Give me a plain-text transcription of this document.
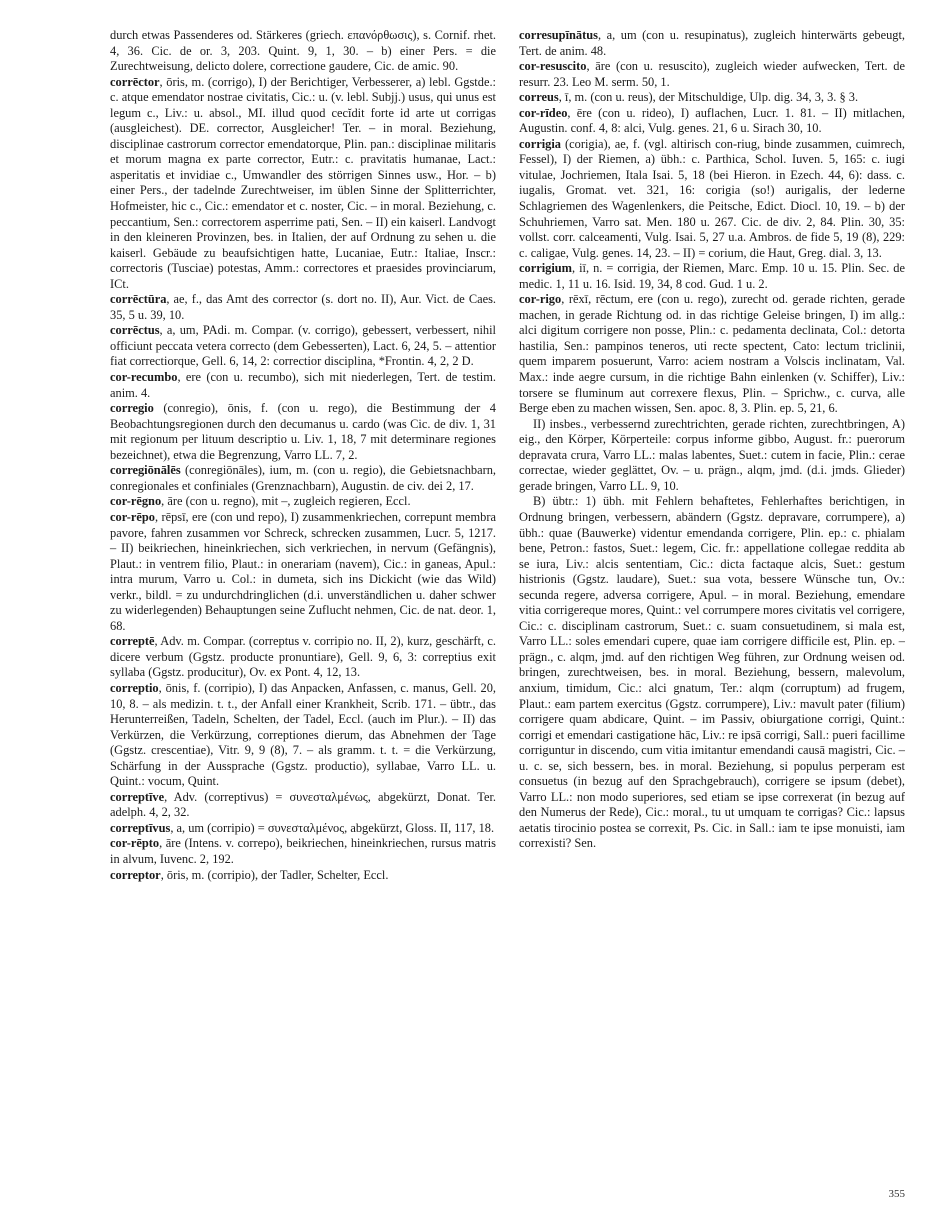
durch etwas Passenderes od. Stärkeres (griech. επανόρθωσις), s. Cornif. rhet. 4, 36. Cic. de or. 3, 203. Quint. 9, 1, 30. – b) einer Pers. = die Zurechtweisung, delicto dolere, correctione gaudere, Cic. de amic. 90.

corrēctor, ōris, m. (corrigo), I) der Berichtiger, Verbesserer, a) lebl. Ggstde.: c. atque emendator nostrae civitatis, Cic.: u. (v. lebl. Subjj.) usus, qui unus est legum c., Liv.: u. absol., MI. illud quod cecĭdit forte id arte ut corrigas (ausgleichest). DE. corrector, Ausgleicher! Ter. – in moral. Beziehung, disciplinae castrorum corrector emendatorque, Plin. pan.: disciplinae militaris et morum magna ex parte corrector, Eutr.: c. pravitatis humanae, Lact.: asperitatis et invidiae c., Umwandler des störrigen Sinnes usw., Hor. – b) einer Pers., der tadelnde Zurechtweiser, im üblen Sinne der Splitterrichter, Hofmeister, hic c., Cic.: emendator et c. noster, Cic. – in moral. Beziehung, c. peccantium, Sen.: correctorem asperrime pati, Sen. – II) ein kaiserl. Landvogt in den kleineren Provinzen, bes. in Italien, der auf Ordnung zu sehen u. die kaiserl. Gebäude zu beaufsichtigen hatte, Lucaniae, Eutr.: Italiae, Inscr.: correctoris (Tusciae) potestas, Amm.: correctores et praesides provinciarum, ICt.

corrēctūra, ae, f., das Amt des corrector (s. dort no. II), Aur. Vict. de Caes. 35, 5 u. 39, 10.

corrēctus, a, um, PAdi. m. Compar. (v. corrigo), gebessert, verbessert, nihil officiunt peccata vetera correcto (dem Gebesserten), Lact. 6, 24, 5. – attentior fiat correctiorque, Gell. 6, 14, 2: correctior disciplina, *Frontin. 4, 2, 2 D.

cor-recumbo, ere (con u. recumbo), sich mit niederlegen, Tert. de testim. anim. 4.

corregio (conregio), ōnis, f. (con u. rego), die Bestimmung der 4 Beobachtungsregionen durch den decumanus u. cardo (was Cic. de div. 1, 31 mit regionum per lituum descriptio u. Liv. 1, 18, 7 mit determinare regiones bezeichnet), etwa die Begrenzung, Varro LL. 7, 2.

corregiōnālēs (conregiōnāles), ium, m. (con u. regio), die Gebietsnachbarn, conregionales et confiniales (Grenznachbarn), Augustin. de civ. dei 2, 17.

cor-rēgno, āre (con u. regno), mit –, zugleich regieren, Eccl.

cor-rēpo, rēpsī, ere (con und repo), I) zusammenkriechen, correpunt membra pavore, fahren zusammen vor Schreck, schrecken zusammen, Lucr. 5, 1217. – II) beikriechen, hineinkriechen, sich verkriechen, in nervum (Gefängnis), Plaut.: in ventrem filio, Plaut.: in onerariam (navem), Cic.: in ganeas, Apul.: intra murum, Varro u. Col.: in dumeta, sich ins Dickicht (wie das Wild) verkr., bildl. = zu undurchdringlichen (d.i. unverständlichen u. daher schwer zu widerlegenden) Behauptungen seine Zuflucht nehmen, Cic. de nat. deor. 1, 68.

correptē, Adv. m. Compar. (correptus v. corripio no. II, 2), kurz, geschärft, c. dicere verbum (Ggstz. producte pronuntiare), Gell. 9, 6, 3: correptius exit syllaba (Ggstz. producitur), Ov. ex Pont. 4, 12, 13.

correptio, ōnis, f. (corripio), I) das Anpacken, Anfassen, c. manus, Gell. 20, 10, 8. – als medizin. t. t., der Anfall einer Krankheit, Scrib. 171. – übtr., das Herunterreißen, Tadeln, Schelten, der Tadel, Eccl. (auch im Plur.). – II) das Verkürzen, die Verkürzung, correptiones dierum, das Abnehmen der Tage (Ggstz. crescentiae), Vitr. 9, 9 (8), 7. – als gramm. t. t. = die Verkürzung, Schärfung in der Aussprache (Ggstz. productio), syllabae, Varro LL. u. Quint.: vocum, Quint.

correptīve, Adv. (correptivus) = συνεσταλμένως, abgekürzt, Donat. Ter. adelph. 4, 2, 32.

correptīvus, a, um (corripio) = συνεσταλμένος, abgekürzt, Gloss. II, 117, 18.

cor-rēpto, āre (Intens. v. correpo), beikriechen, hineinkriechen, rursus matris in alvum, Iuvenc. 2, 192.

correptor, ōris, m. (corripio), der Tadler, Schelter, Eccl.

corresupīnātus, a, um (con u. resupinatus), zugleich hinterwärts gebeugt, Tert. de anim. 48.

cor-resuscito, āre (con u. resuscito), zugleich wieder aufwecken, Tert. de resurr. 23. Leo M. serm. 50, 1.

correus, ī, m. (con u. reus), der Mitschuldige, Ulp. dig. 34, 3, 3. § 3.

cor-rīdeo, ēre (con u. rideo), I) auflachen, Lucr. 1. 81. – II) mitlachen, Augustin. conf. 4, 8: alci, Vulg. genes. 21, 6 u. Sirach 30, 10.

corrigia (corigia), ae, f. (vgl. altirisch con-riug, binde zusammen, cuimrech, Fessel), I) der Riemen, a) übh.: c. Parthica, Schol. Iuven. 5, 165: c. iugi vitulae, Jochriemen, Itala Isai. 5, 18 (bei Hieron. in Ezech. 44, 6): dass. c. iugalis, Gromat. vet. 321, 16: corigia (so!) aurigalis, der lederne Schlagriemen des Wagenlenkers, die Peitsche, Edict. Diocl. 10, 19. – b) der Schuhriemen, Varro sat. Men. 180 u. 267. Cic. de div. 2, 84. Plin. 30, 35: vollst. corr. calceamenti, Vulg. Isai. 5, 27 u.a. Ambros. de fide 5, 19 (8), 229: c. caligae, Vulg. genes. 14, 23. – II) = corium, die Haut, Greg. dial. 3, 13.

corrigium, iī, n. = corrigia, der Riemen, Marc. Emp. 10 u. 15. Plin. Sec. de medic. 1, 11 u. 16. Isid. 19, 34, 8 cod. Gud. 1 u. 2.

cor-rigo, rēxī, rēctum, ere (con u. rego), zurecht od. gerade richten, gerade machen, in gerade Richtung od. in das richtige Geleise bringen, I) im allg.: alci digitum corrigere non posse, Plin.: c. pedamenta declinata, Col.: detorta hastilia, Sen.: pampinos teneros, uti recte spectent, Cato: lectum triclinii, quem imparem posuerunt, Varro: aciem nostram a Volscis inclinatam, Val. Max.: inde aegre cursum, in die richtige Bahn einlenken (v. Schiffer), Liv.: torsere se fluminum aut correxere flexus, Plin. – Sprichw., c. curva, alle Berge eben zu machen wissen, Sen. apoc. 8, 3. Plin. ep. 5, 21, 6.

II) insbes., verbessernd zurechtrichten, gerade richten, zurechtbringen, A) eig., den Körper, Körperteile: corpus informe gibbo, August. fr.: puerorum depravata crura, Varro LL.: malas labentes, Suet.: cutem in facie, Plin.: cerae correctae, wieder geglättet, Ov. – u. prägn., alqm, jmd. (d.i. jmds. Glieder) gerade bringen, Varro LL. 9, 10.

B) übtr.: 1) übh. mit Fehlern behaftetes, Fehlerhaftes berichtigen, in Ordnung bringen, verbessern, abändern (Ggstz. depravare, corrumpere), a) übh.: quae (Bauwerke) videntur emendanda corrigere, Plin. ep.: c. phialam bene, Petron.: fastos, Suet.: legem, Cic. fr.: appellatione collegae reddita ab se iura, Liv.: alcis sententiam, Cic.: dicta factaque alcis, Suet.: gestum histrionis (Ggstz. laudare), Suet.: sua vota, bessere Wünsche tun, Ov.: secunda regere, adversa corrigere, Apul. – in moral. Beziehung, emendare vitia corrigereque mores, Quint.: vel corrumpere mores civitatis vel corrigere, Cic.: c. disciplinam castrorum, Suet.: c. suam consuetudinem, si mala est, Varro LL.: soles emendari cupere, quae iam corrigere difficile est, Plin. ep. – prägn., c. alqm, jmd. auf den richtigen Weg führen, zur Ordnung weisen od. bringen, zurechtweisen, bes. in moral. Beziehung, bessern, malevolum, anxium, timidum, Cic.: alci gnatum, Ter.: alqm (corruptum) ad frugem, Plaut.: eam partem exercitus (Ggstz. corrumpere), Liv.: mavult pater (filium) corrigere quam abdicare, Quint. – im Passiv, obiurgatione corrigi, Quint.: corrigi et emendari castigatione hāc, Liv.: re ipsā corrigi, Sall.: pueri facillime corriguntur in discendo, cum vitia imitantur emendandi causā magistri, Cic. – u. c. se, sich bessern, bes. in moral. Beziehung, si populus perperam est consuetus (in bezug auf den Sprachgebrauch), corrigere se ipsum (debet), Varro LL.: non modo superiores, sed etiam se ipse correxerat (in bezug auf den Numerus der Rede), Cic.: moral., tu ut umquam te corrigas? Cic.: lapsus aetatis tirocinio postea se correxit, Ps. Cic. in Sall.: iam te ipse monuisti, iam correxisti? Sen.

355
